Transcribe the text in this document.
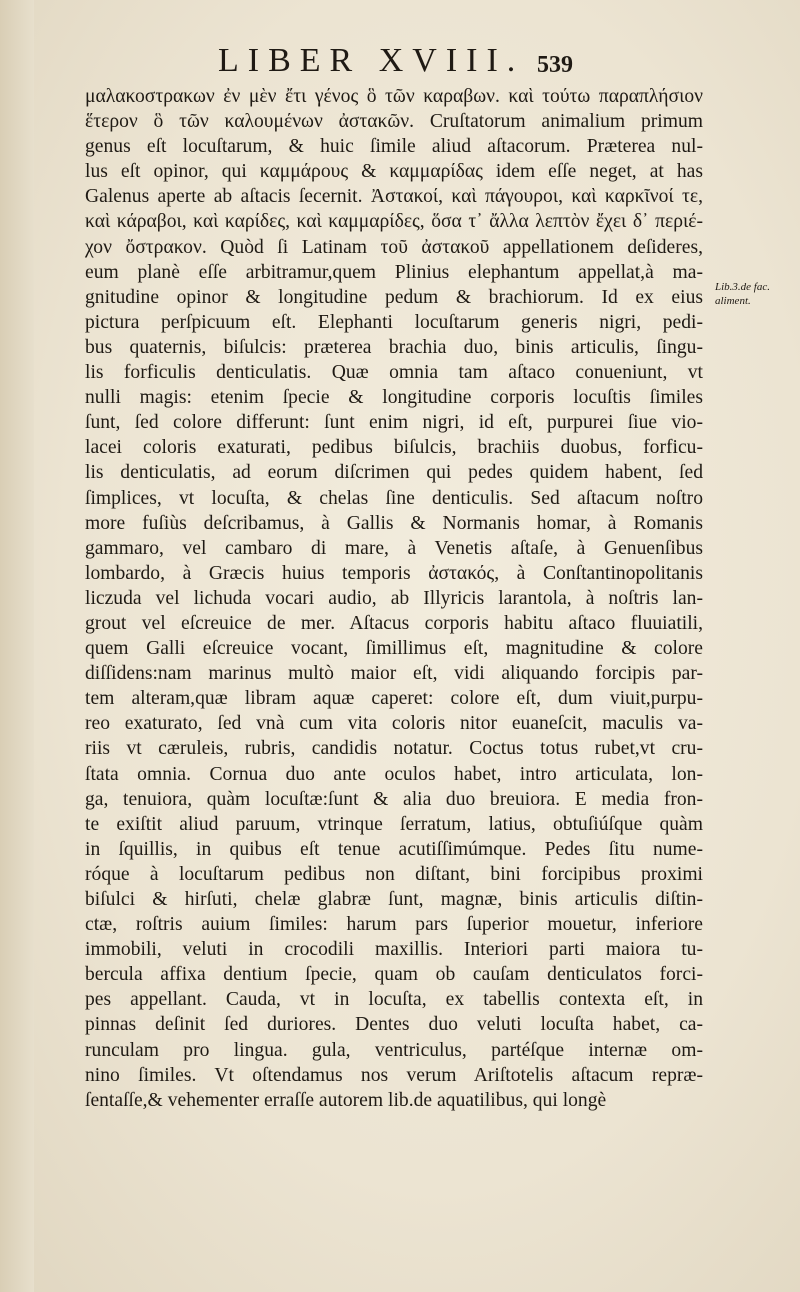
LIBER XVIII. 539
Lib.3.de fac.
aliment.
μαλακοστρακων ἐν μὲν ἔτι γένος ὃ τῶν καραβων. καὶ τούτω παραπλήσιον
ἕτερον ὃ τῶν καλουμένων ἀστακῶν. Cruſtatorum animalium primum
genus eſt locuſtarum, & huic ſimile aliud aſtacorum. Præterea nul-
lus eſt opinor, qui καμμάρους & καμμαρίδας idem eſſe neget, at has
Galenus aperte ab aſtacis ſecernit. Ἀστακοί, καὶ πάγουροι, καὶ καρκῖνοί τε,
καὶ κάραβοι, καὶ καρίδες, καὶ καμμαρίδες, ὅσα τ᾽ ἄλλα λεπτὸν ἔχει δ᾽ περιέ-
χον ὄστρακον. Quòd ſi Latinam τοῦ ἀστακοῦ appellationem deſideres,
eum planè eſſe arbitramur,quem Plinius elephantum appellat,à ma-
gnitudine opinor & longitudine pedum & brachiorum. Id ex eius
pictura perſpicuum eſt. Elephanti locuſtarum generis nigri, pedi-
bus quaternis, biſulcis: præterea brachia duo, binis articulis, ſingu-
lis forficulis denticulatis. Quæ omnia tam aſtaco conueniunt, vt
nulli magis: etenim ſpecie & longitudine corporis locuſtis ſimiles
ſunt, ſed colore differunt: ſunt enim nigri, id eſt, purpurei ſiue vio-
lacei coloris exaturati, pedibus biſulcis, brachiis duobus, forficu-
lis denticulatis, ad eorum diſcrimen qui pedes quidem habent, ſed
ſimplices, vt locuſta, & chelas ſine denticulis. Sed aſtacum noſtro
more fuſiùs deſcribamus, à Gallis & Normanis homar, à Romanis
gammaro, vel cambaro di mare, à Venetis aſtaſe, à Genuenſibus
lombardo, à Græcis huius temporis ἀστακός, à Conſtantinopolitanis
liczuda vel lichuda vocari audio, ab Illyricis larantola, à noſtris lan-
grout vel eſcreuice de mer. Aſtacus corporis habitu aſtaco fluuiatili,
quem Galli eſcreuice vocant, ſimillimus eſt, magnitudine & colore
diſſidens:nam marinus multò maior eſt, vidi aliquando forcipis par-
tem alteram,quæ libram aquæ caperet: colore eſt, dum viuit,purpu-
reo exaturato, ſed vnà cum vita coloris nitor euaneſcit, maculis va-
riis vt cæruleis, rubris, candidis notatur. Coctus totus rubet,vt cru-
ſtata omnia. Cornua duo ante oculos habet, intro articulata, lon-
ga, tenuiora, quàm locuſtæ:ſunt & alia duo breuiora. E media fron-
te exiſtit aliud paruum, vtrinque ſerratum, latius, obtuſiúſque quàm
in ſquillis, in quibus eſt tenue acutiſſimúmque. Pedes ſitu nume-
róque à locuſtarum pedibus non diſtant, bini forcipibus proximi
biſulci & hirſuti, chelæ glabræ ſunt, magnæ, binis articulis diſtin-
ctæ, roſtris auium ſimiles: harum pars ſuperior mouetur, inferiore
immobili, veluti in crocodili maxillis. Interiori parti maiora tu-
bercula affixa dentium ſpecie, quam ob cauſam denticulatos forci-
pes appellant. Cauda, vt in locuſta, ex tabellis contexta eſt, in
pinnas deſinit ſed duriores. Dentes duo veluti locuſta habet, ca-
runculam pro lingua. gula, ventriculus, partéſque internæ om-
nino ſimiles. Vt oſtendamus nos verum Ariſtotelis aſtacum repræ-
ſentaſſe,& vehementer erraſſe autorem lib.de aquatilibus, qui longè
